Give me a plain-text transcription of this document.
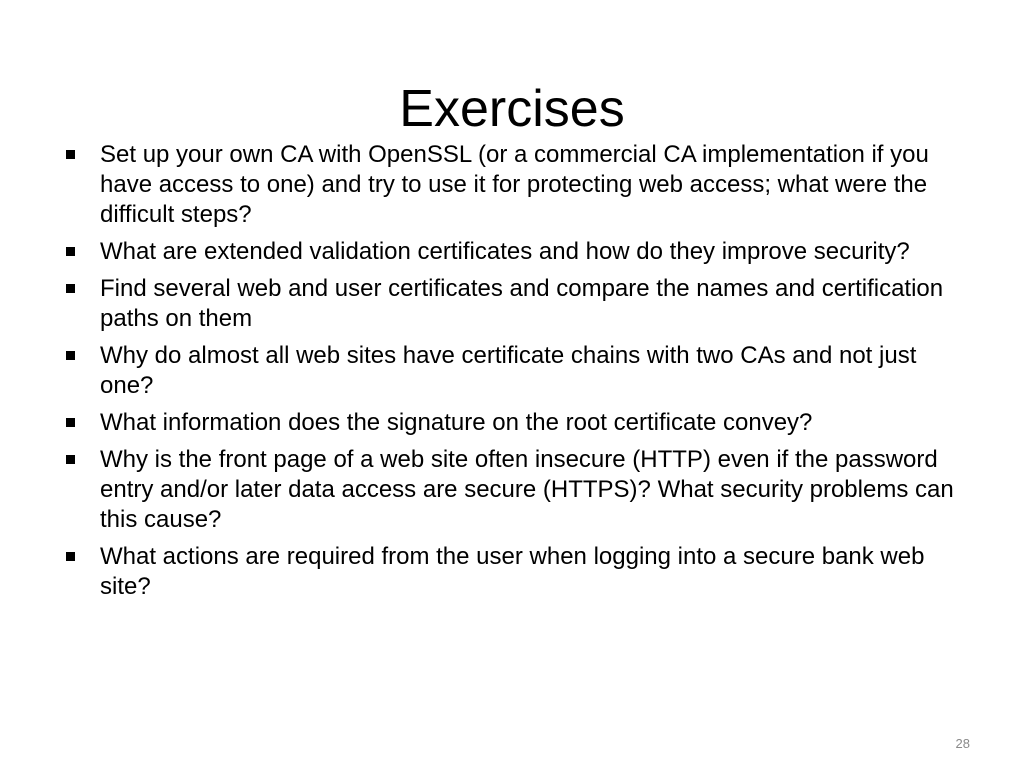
Exercises
Set up your own CA with OpenSSL (or a commercial CA implementation if you have access to one) and try to use it for protecting web access; what were the difficult steps?
What are extended validation certificates and how do they improve security?
Find several web and user certificates and compare the names and certification paths on them
Why do almost all web sites have certificate chains with two CAs and not just one?
What information does the signature on the root certificate convey?
Why is the front page of a web site often insecure (HTTP) even if the password entry and/or later data access are secure (HTTPS)? What security problems can this cause?
What actions are required from the user when logging into a secure bank web site?
28
